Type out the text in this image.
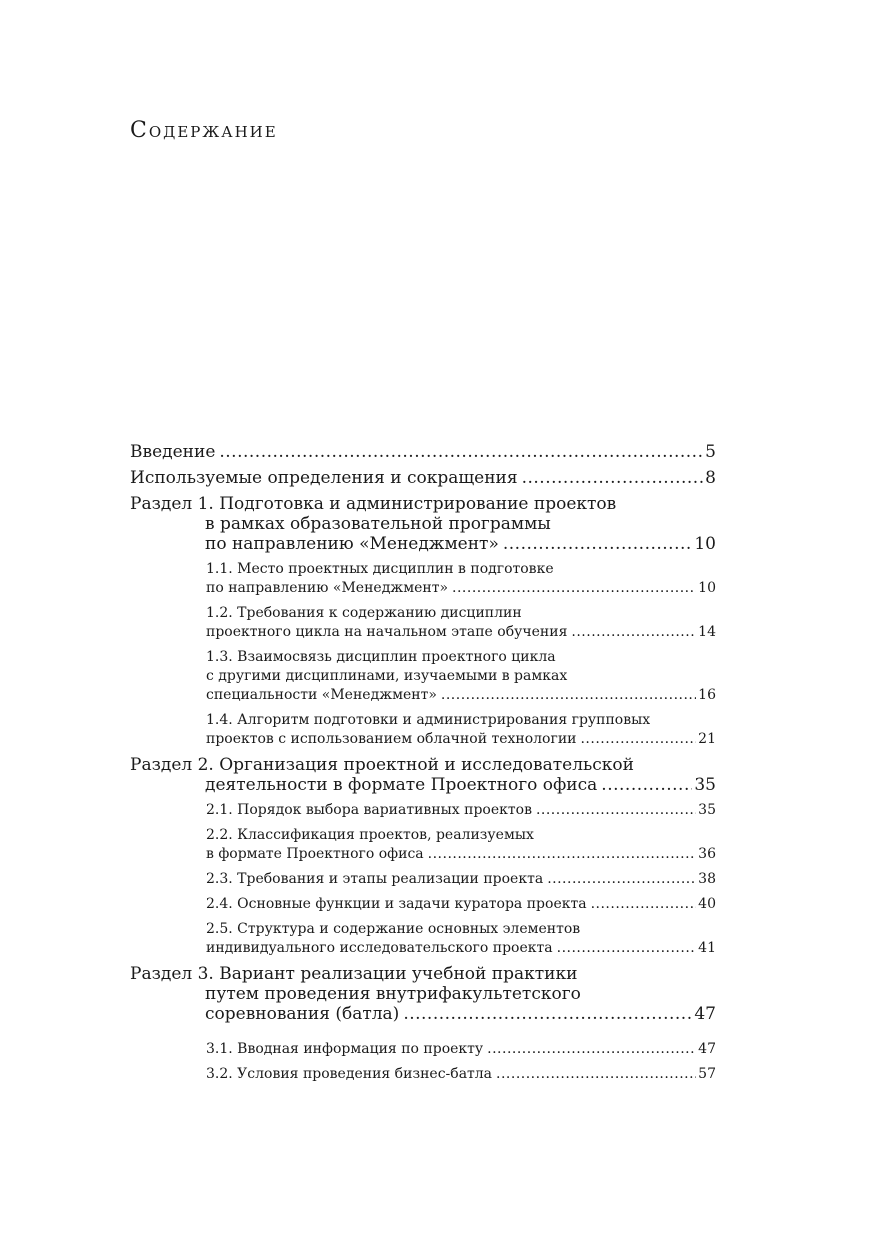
Содержание
Введение .....	5
Используемые определения и сокращения .....	8
Раздел 1. Подготовка и администрирование проектов
в рамках образовательной программы
по направлению «Менеджмент» .....	10
1.1. Место проектных дисциплин в подготовке
по направлению «Менеджмент» .....	10
1.2. Требования к содержанию дисциплин
проектного цикла на начальном этапе обучения .....	14
1.3. Взаимосвязь дисциплин проектного цикла
с другими дисциплинами, изучаемыми в рамках
специальности «Менеджмент» .....	16
1.4. Алгоритм подготовки и администрирования групповых
проектов с использованием облачной технологии .....	21
Раздел 2. Организация проектной и исследовательской
деятельности в формате Проектного офиса .....	35
2.1. Порядок выбора вариативных проектов .....	35
2.2. Классификация проектов, реализуемых
в формате Проектного офиса .....	36
2.3. Требования и этапы реализации проекта .....	38
2.4. Основные функции и задачи куратора проекта .....	40
2.5. Структура и содержание основных элементов
индивидуального исследовательского проекта .....	41
Раздел 3. Вариант реализации учебной практики
путем проведения внутрифакультетского
соревнования (батла) .....	47
3.1. Вводная информация по проекту .....	47
3.2. Условия проведения бизнес-батла .....	57
